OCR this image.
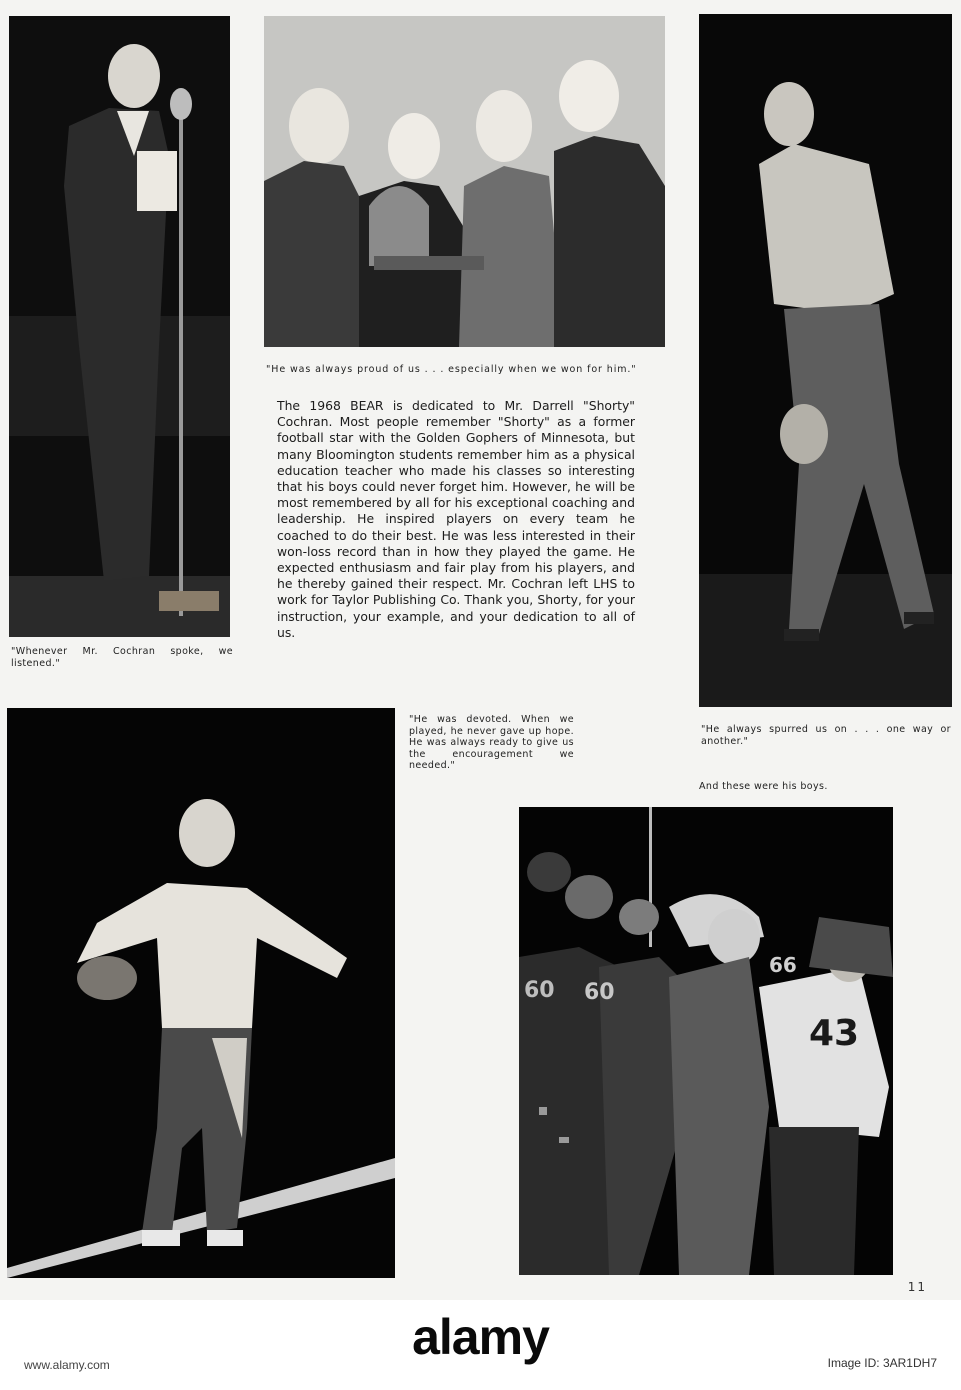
60 60
66
43
"He was always proud of us . . . especially when we won for him."
The 1968 BEAR is dedicated to Mr. Darrell "Shorty" Cochran. Most people remember "Shorty" as a former football star with the Golden Gophers of Minnesota, but many Bloomington students remember him as a physical education teacher who made his classes so interesting that his boys could never forget him. However, he will be most remembered by all for his exceptional coaching and leadership. He inspired players on every team he coached to do their best. He was less interested in their won-loss record than in how they played the game. He expected enthusiasm and fair play from his players, and he thereby gained their respect. Mr. Cochran left LHS to work for Taylor Publishing Co. Thank you, Shorty, for your instruction, your example, and your dedication to all of us.
"Whenever Mr. Cochran spoke, we listened."
"He always spurred us on . . . one way or another."
"He was devoted. When we played, he never gave up hope. He was always ready to give us the encouragement we needed."
And these were his boys.
11
alamy
www.alamy.com	Image ID: 3AR1DH7
